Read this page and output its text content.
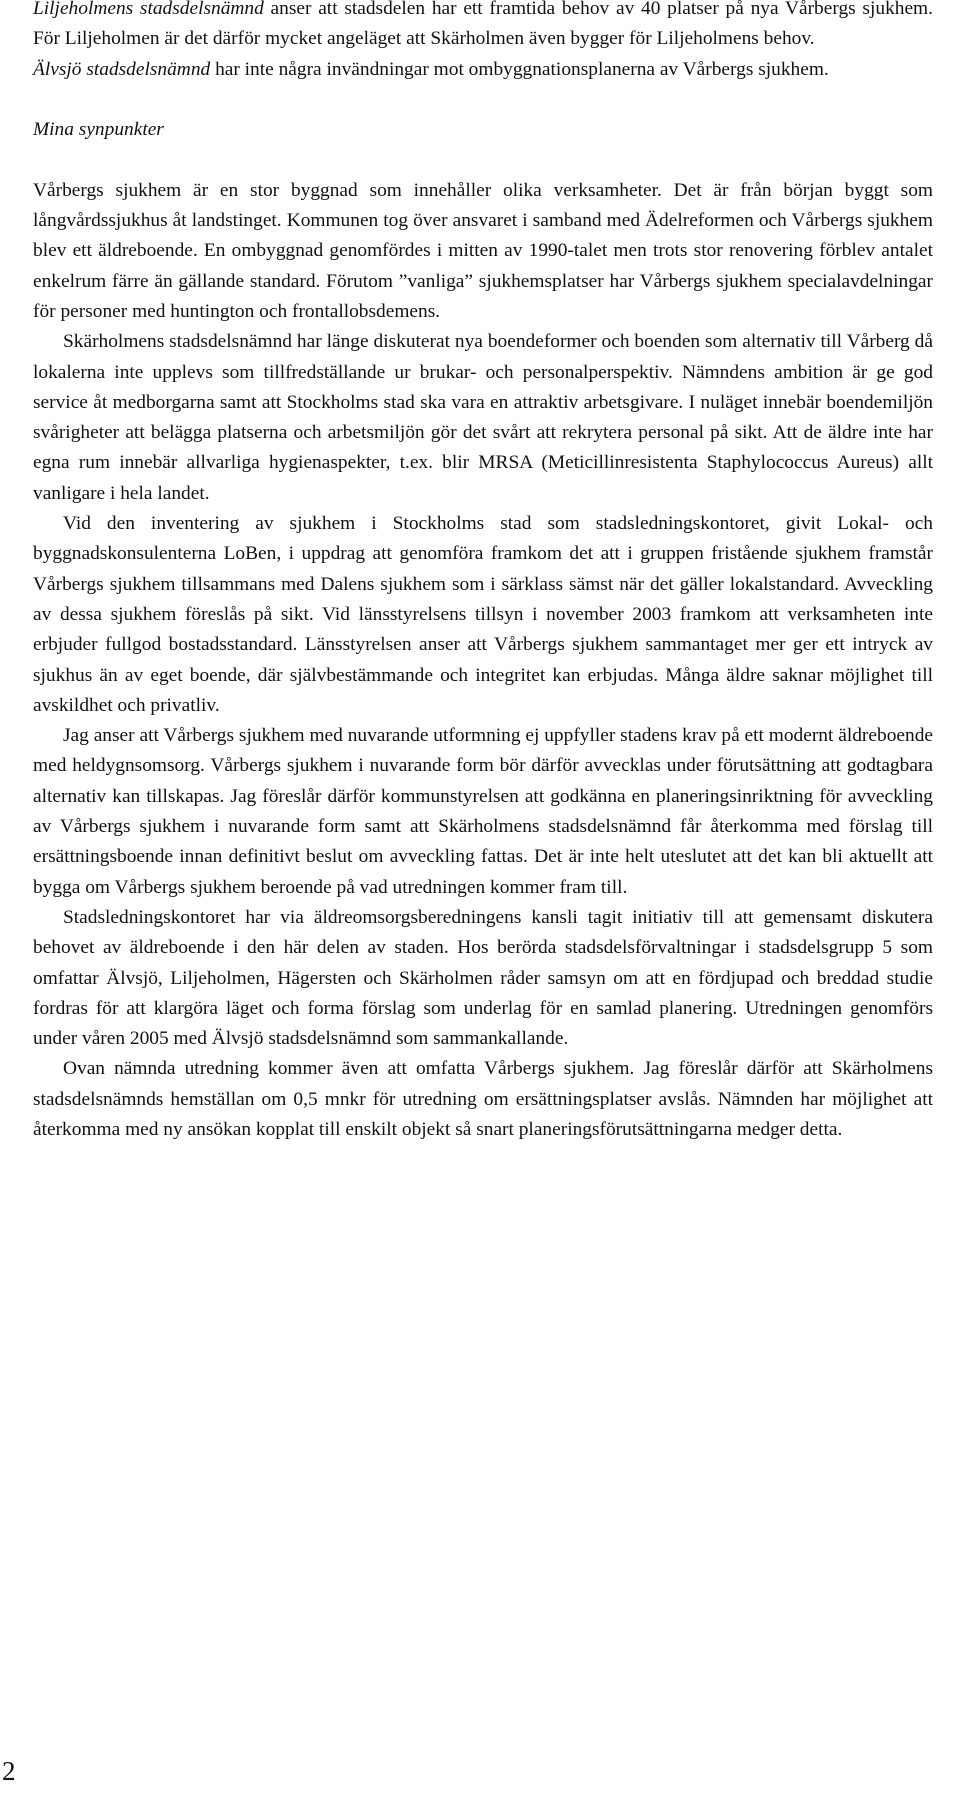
Liljeholmens stadsdelsnämnd anser att stadsdelen har ett framtida behov av 40 platser på nya Vårbergs sjukhem. För Liljeholmen är det därför mycket angeläget att Skärholmen även bygger för Liljeholmens behov.

Älvsjö stadsdelsnämnd har inte några invändningar mot ombyggnationsplanerna av Vårbergs sjukhem.

Mina synpunkter

Vårbergs sjukhem är en stor byggnad som innehåller olika verksamheter. Det är från början byggt som långvårdssjukhus åt landstinget. Kommunen tog över ansvaret i samband med Ädelreformen och Vårbergs sjukhem blev ett äldreboende. En ombyggnad genomfördes i mitten av 1990-talet men trots stor renovering förblev antalet enkelrum färre än gällande standard. Förutom ”vanliga” sjukhemsplatser har Vårbergs sjukhem specialavdelningar för personer med huntington och frontallobsdemens.

Skärholmens stadsdelsnämnd har länge diskuterat nya boendeformer och boenden som alternativ till Vårberg då lokalerna inte upplevs som tillfredställande ur brukar- och personalperspektiv. Nämndens ambition är ge god service åt medborgarna samt att Stockholms stad ska vara en attraktiv arbetsgivare. I nuläget innebär boendemiljön svårigheter att belägga platserna och arbetsmiljön gör det svårt att rekrytera personal på sikt. Att de äldre inte har egna rum innebär allvarliga hygienaspekter, t.ex. blir MRSA (Meticillinresistenta Staphylococcus Aureus) allt vanligare i hela landet.

Vid den inventering av sjukhem i Stockholms stad som stadsledningskontoret, givit Lokal- och byggnadskonsulenterna LoBen, i uppdrag att genomföra framkom det att i gruppen fristående sjukhem framstår Vårbergs sjukhem tillsammans med Dalens sjukhem som i särklass sämst när det gäller lokalstandard. Avveckling av dessa sjukhem föreslås på sikt. Vid länsstyrelsens tillsyn i november 2003 framkom att verksamheten inte erbjuder fullgod bostadsstandard. Länsstyrelsen anser att Vårbergs sjukhem sammantaget mer ger ett intryck av sjukhus än av eget boende, där självbestämmande och integritet kan erbjudas. Många äldre saknar möjlighet till avskildhet och privatliv.

Jag anser att Vårbergs sjukhem med nuvarande utformning ej uppfyller stadens krav på ett modernt äldreboende med heldygnsomsorg. Vårbergs sjukhem i nuvarande form bör därför avvecklas under förutsättning att godtagbara alternativ kan tillskapas. Jag föreslår därför kommunstyrelsen att godkänna en planeringsinriktning för avveckling av Vårbergs sjukhem i nuvarande form samt att Skärholmens stadsdelsnämnd får återkomma med förslag till ersättningsboende innan definitivt beslut om avveckling fattas. Det är inte helt uteslutet att det kan bli aktuellt att bygga om Vårbergs sjukhem beroende på vad utredningen kommer fram till.

Stadsledningskontoret har via äldreomsorgsberedningens kansli tagit initiativ till att gemensamt diskutera behovet av äldreboende i den här delen av staden. Hos berörda stadsdelsförvaltningar i stadsdelsgrupp 5 som omfattar Älvsjö, Liljeholmen, Hägersten och Skärholmen råder samsyn om att en fördjupad och breddad studie fordras för att klargöra läget och forma förslag som underlag för en samlad planering. Utredningen genomförs under våren 2005 med Älvsjö stadsdelsnämnd som sammankallande.

Ovan nämnda utredning kommer även att omfatta Vårbergs sjukhem. Jag föreslår därför att Skärholmens stadsdelsnämnds hemställan om 0,5 mnkr för utredning om ersättningsplatser avslås. Nämnden har möjlighet att återkomma med ny ansökan kopplat till enskilt objekt så snart planeringsförutsättningarna medger detta.

2
